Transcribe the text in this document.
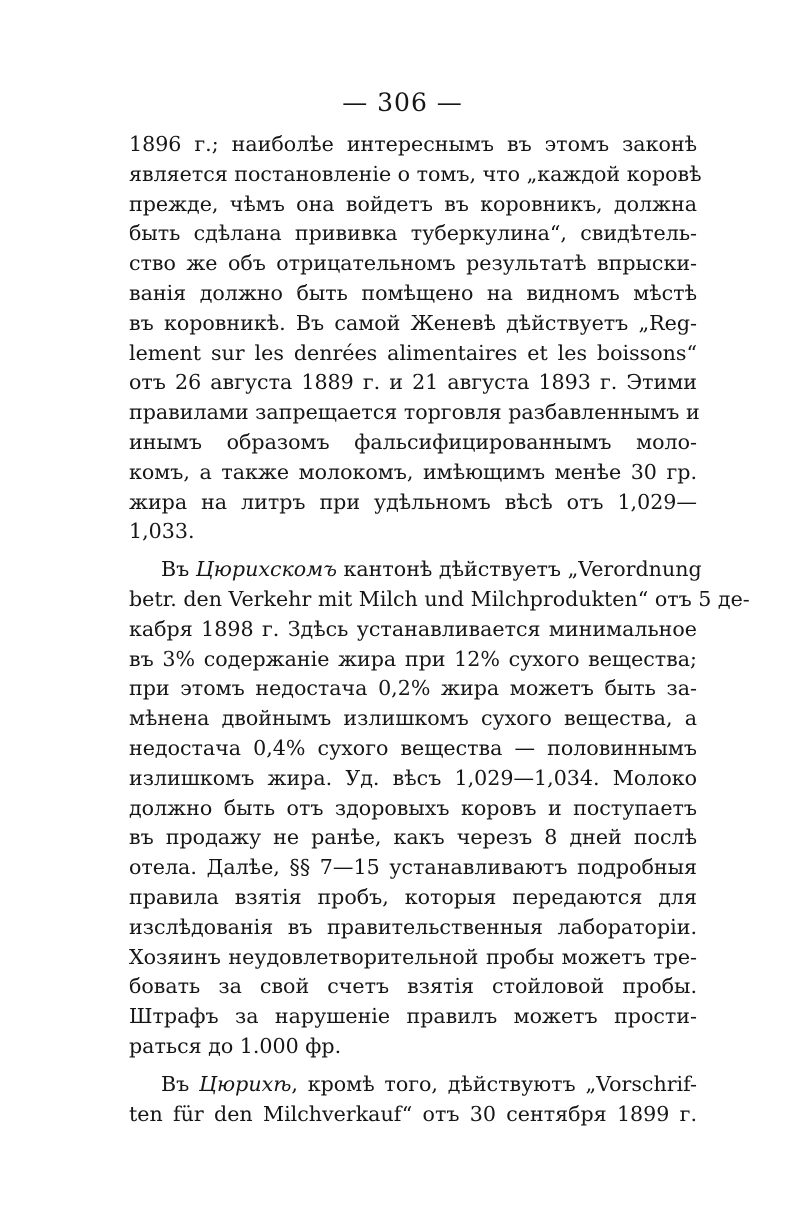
— 306 —
1896 г.; наиболѣе интереснымъ въ этомъ законѣ
является постановленіе о томъ, что „каждой коровѣ
прежде, чѣмъ она войдетъ въ коровникъ, должна
быть сдѣлана прививка туберкулина“, свидѣтель-
ство же объ отрицательномъ результатѣ впрыски-
ванія должно быть помѣщено на видномъ мѣстѣ
въ коровникѣ. Въ самой Женевѣ дѣйствуетъ „Reg-
lement sur les denrées alimentaires et les boissons“
отъ 26 августа 1889 г. и 21 августа 1893 г. Этими
правилами запрещается торговля разбавленнымъ и
инымъ образомъ фальсифицированнымъ моло-
комъ, а также молокомъ, имѣющимъ менѣе 30 гр.
жира на литръ при удѣльномъ вѣсѣ отъ 1,029—
1,033.
Въ Цюрихскомъ кантонѣ дѣйствуетъ „Verordnung
betr. den Verkehr mit Milch und Milchprodukten“ отъ 5 де-
кабря 1898 г. Здѣсь устанавливается минимальное
въ 3% содержаніе жира при 12% сухого вещества;
при этомъ недостача 0,2% жира можетъ быть за-
мѣнена двойнымъ излишкомъ сухого вещества, а
недостача 0,4% сухого вещества — половиннымъ
излишкомъ жира. Уд. вѣсъ 1,029—1,034. Молоко
должно быть отъ здоровыхъ коровъ и поступаетъ
въ продажу не ранѣе, какъ черезъ 8 дней послѣ
отела. Далѣе, §§ 7—15 устанавливаютъ подробныя
правила взятія пробъ, которыя передаются для
изслѣдованія въ правительственныя лабораторіи.
Хозяинъ неудовлетворительной пробы можетъ тре-
бовать за свой счетъ взятія стойловой пробы.
Штрафъ за нарушеніе правилъ можетъ прости-
раться до 1.000 фр.
Въ Цюрихѣ, кромѣ того, дѣйствуютъ „Vorschrif-
ten für den Milchverkauf“ отъ 30 сентября 1899 г.
